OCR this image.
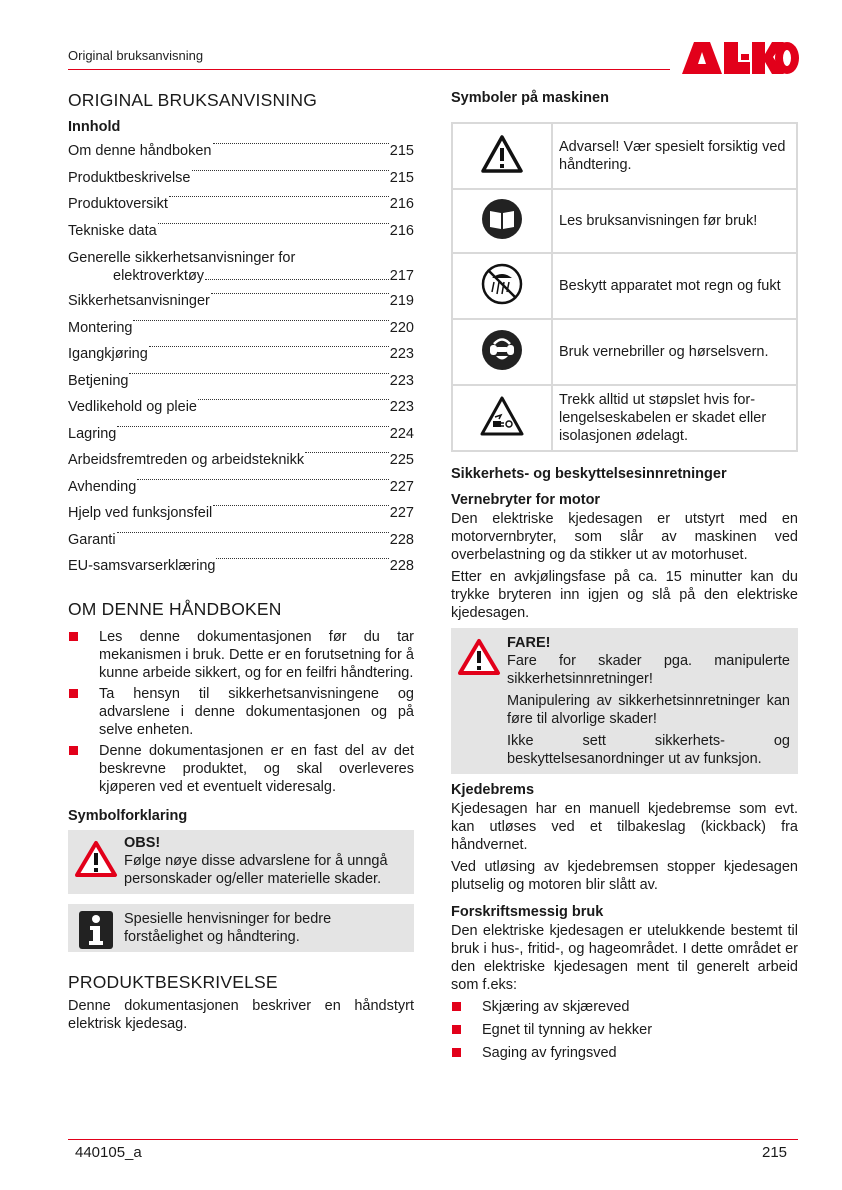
Original bruksanvisning
ORIGINAL BRUKSANVISNING
Innhold
Om denne håndboken	215
Produktbeskrivelse	215
Produktoversikt	216
Tekniske data	216
Generelle sikkerhetsanvisninger for
elektroverktøy	217
Sikkerhetsanvisninger	219
Montering	220
Igangkjøring	223
Betjening	223
Vedlikehold og pleie	223
Lagring	224
Arbeidsfremtreden og arbeidsteknikk	225
Avhending	227
Hjelp ved funksjonsfeil	227
Garanti	228
EU-samsvarserklæring	228
OM DENNE HÅNDBOKEN
Les denne dokumentasjonen før du tar mekanismen i bruk. Dette er en forutsetning for å kunne arbeide sikkert, og for en feilfri håndtering.
Ta hensyn til sikkerhetsanvisningene og advarslene i denne dokumentasjonen og på selve enheten.
Denne dokumentasjonen er en fast del av det beskrevne produktet, og skal overleveres kjøperen ved et eventuelt videresalg.
Symbolforklaring
OBS!
Følge nøye disse advarslene for å unngå personskader og/eller materielle skader.
Spesielle henvisninger for bedre forståelighet og håndtering.
PRODUKTBESKRIVELSE

Denne dokumentasjonen beskriver en håndstyrt elektrisk kjedesag.

Symboler på maskinen
	Advarsel! Vær spesielt forsiktig ved håndtering.
	Les bruksanvisningen før bruk!
	Beskytt apparatet mot regn og fukt
	Bruk vernebriller og hørselsvern.
	Trekk alltid ut støpslet hvis forlengelseskabelen er skadet eller isolasjonen ødelagt.
Sikkerhets- og beskyttelsesinnretninger
Vernebryter for motor

Den elektriske kjedesagen er utstyrt med en motorvernbryter, som slår av maskinen ved overbelastning og da stikker ut av motorhuset.

Etter en avkjølingsfase på ca. 15 minutter kan du trykke bryteren inn igjen og slå på den elektriske kjedesagen.

FARE!
Fare for skader pga. manipulerte sikkerhetsinnretninger!
Manipulering av sikkerhetsinnretninger kan føre til alvorlige skader!
Ikke sett sikkerhets- og beskyttelsesanordninger ut av funksjon.
Kjedebrems

Kjedesagen har en manuell kjedebremse som evt. kan utløses ved et tilbakeslag (kickback) fra håndvernet.

Ved utløsing av kjedebremsen stopper kjedesagen plutselig og motoren blir slått av.

Forskriftsmessig bruk

Den elektriske kjedesagen er utelukkende bestemt til bruk i hus-, fritid-, og hageområdet. I dette området er den elektriske kjedesagen ment til generelt arbeid som f.eks:

Skjæring av skjæreved
Egnet til tynning av hekker
Saging av fyringsved
440105_a	215
